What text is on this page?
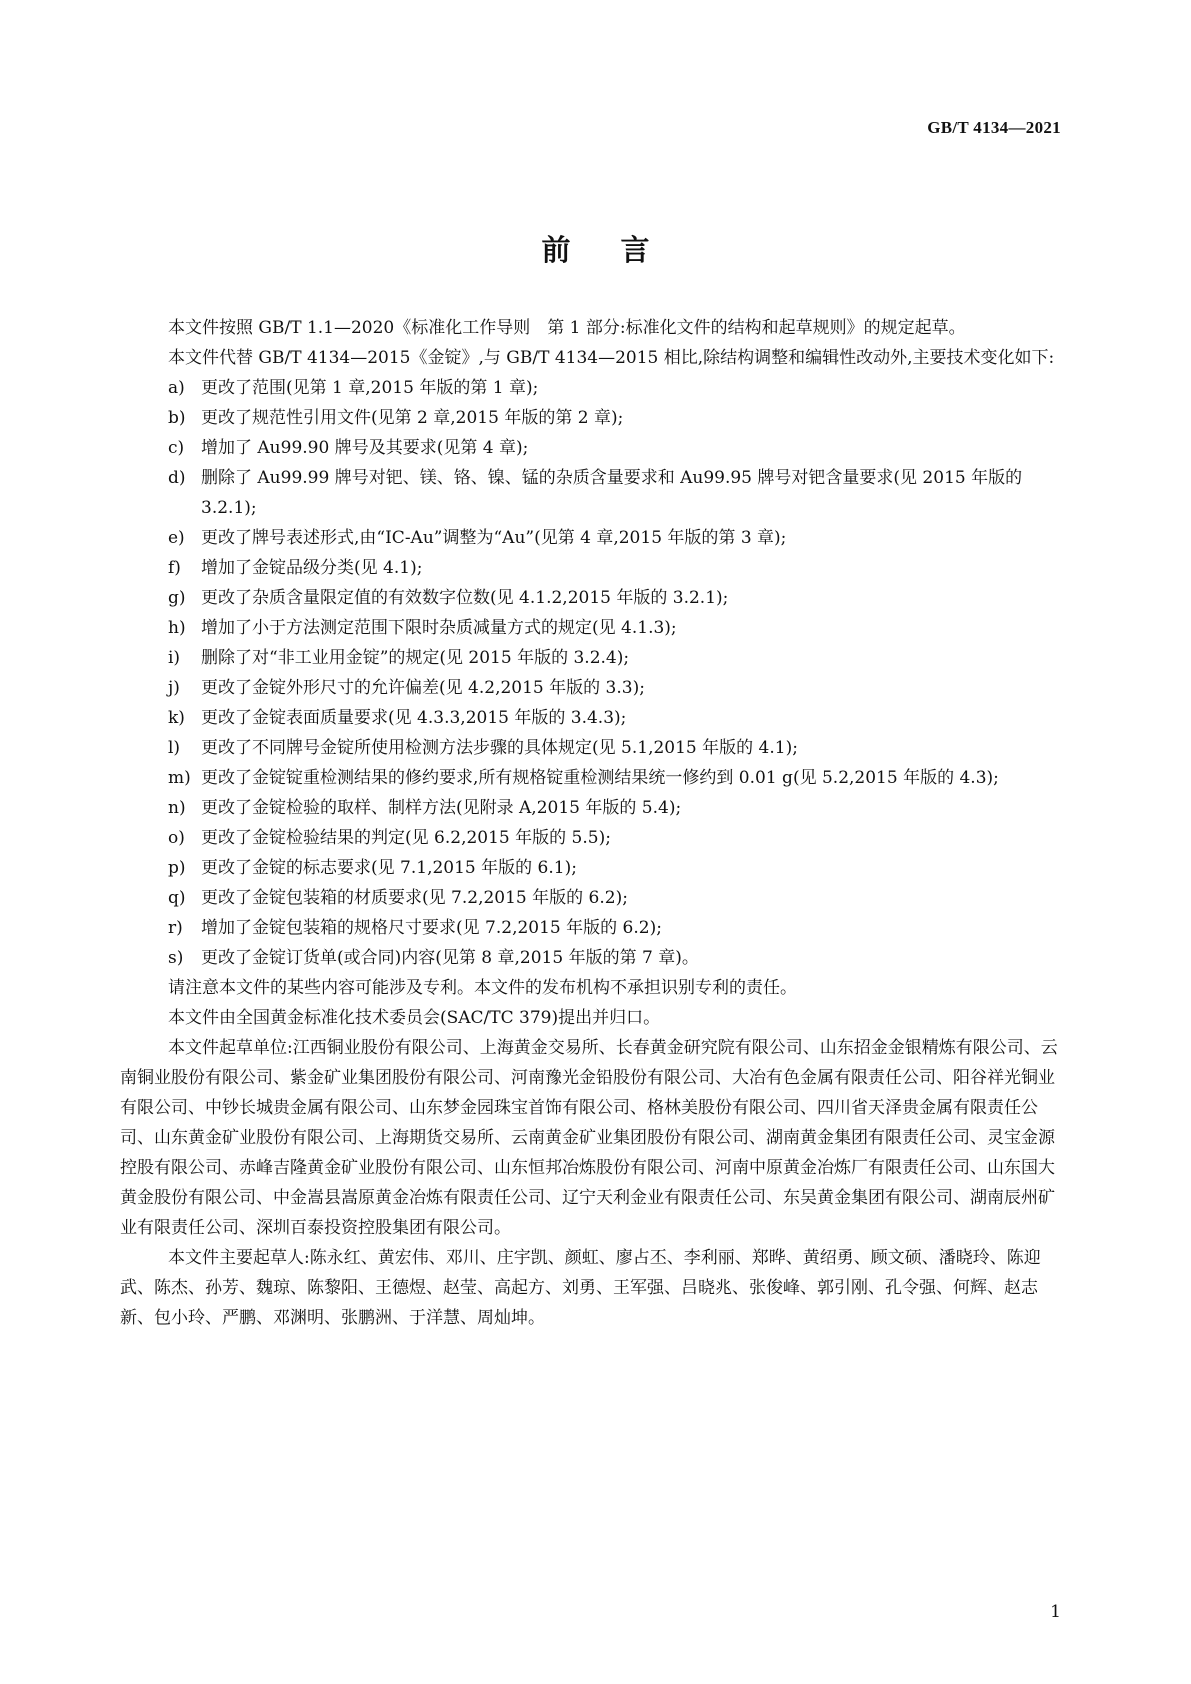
GB/T 4134—2021
前 言

本文件按照 GB/T 1.1—2020《标准化工作导则　第 1 部分:标准化文件的结构和起草规则》的规定起草。

本文件代替 GB/T 4134—2015《金锭》,与 GB/T 4134—2015 相比,除结构调整和编辑性改动外,主要技术变化如下:

a) 更改了范围(见第 1 章,2015 年版的第 1 章);
b) 更改了规范性引用文件(见第 2 章,2015 年版的第 2 章);
c) 增加了 Au99.90 牌号及其要求(见第 4 章);
d) 删除了 Au99.99 牌号对钯、镁、铬、镍、锰的杂质含量要求和 Au99.95 牌号对钯含量要求(见 2015 年版的 3.2.1);
e) 更改了牌号表述形式,由“IC-Au”调整为“Au”(见第 4 章,2015 年版的第 3 章);
f) 增加了金锭品级分类(见 4.1);
g) 更改了杂质含量限定值的有效数字位数(见 4.1.2,2015 年版的 3.2.1);
h) 增加了小于方法测定范围下限时杂质减量方式的规定(见 4.1.3);
i) 删除了对“非工业用金锭”的规定(见 2015 年版的 3.2.4);
j) 更改了金锭外形尺寸的允许偏差(见 4.2,2015 年版的 3.3);
k) 更改了金锭表面质量要求(见 4.3.3,2015 年版的 3.4.3);
l) 更改了不同牌号金锭所使用检测方法步骤的具体规定(见 5.1,2015 年版的 4.1);
m) 更改了金锭锭重检测结果的修约要求,所有规格锭重检测结果统一修约到 0.01 g(见 5.2,2015 年版的 4.3);
n) 更改了金锭检验的取样、制样方法(见附录 A,2015 年版的 5.4);
o) 更改了金锭检验结果的判定(见 6.2,2015 年版的 5.5);
p) 更改了金锭的标志要求(见 7.1,2015 年版的 6.1);
q) 更改了金锭包装箱的材质要求(见 7.2,2015 年版的 6.2);
r) 增加了金锭包装箱的规格尺寸要求(见 7.2,2015 年版的 6.2);
s) 更改了金锭订货单(或合同)内容(见第 8 章,2015 年版的第 7 章)。

请注意本文件的某些内容可能涉及专利。本文件的发布机构不承担识别专利的责任。

本文件由全国黄金标准化技术委员会(SAC/TC 379)提出并归口。

本文件起草单位:江西铜业股份有限公司、上海黄金交易所、长春黄金研究院有限公司、山东招金金银精炼有限公司、云南铜业股份有限公司、紫金矿业集团股份有限公司、河南豫光金铅股份有限公司、大冶有色金属有限责任公司、阳谷祥光铜业有限公司、中钞长城贵金属有限公司、山东梦金园珠宝首饰有限公司、格林美股份有限公司、四川省天泽贵金属有限责任公司、山东黄金矿业股份有限公司、上海期货交易所、云南黄金矿业集团股份有限公司、湖南黄金集团有限责任公司、灵宝金源控股有限公司、赤峰吉隆黄金矿业股份有限公司、山东恒邦冶炼股份有限公司、河南中原黄金冶炼厂有限责任公司、山东国大黄金股份有限公司、中金嵩县嵩原黄金冶炼有限责任公司、辽宁天利金业有限责任公司、东吴黄金集团有限公司、湖南辰州矿业有限责任公司、深圳百泰投资控股集团有限公司。

本文件主要起草人:陈永红、黄宏伟、邓川、庄宇凯、颜虹、廖占丕、李利丽、郑晔、黄绍勇、顾文硕、潘晓玲、陈迎武、陈杰、孙芳、魏琼、陈黎阳、王德煜、赵莹、高起方、刘勇、王军强、吕晓兆、张俊峰、郭引刚、孔令强、何辉、赵志新、包小玲、严鹏、邓渊明、张鹏洲、于洋慧、周灿坤。

1
